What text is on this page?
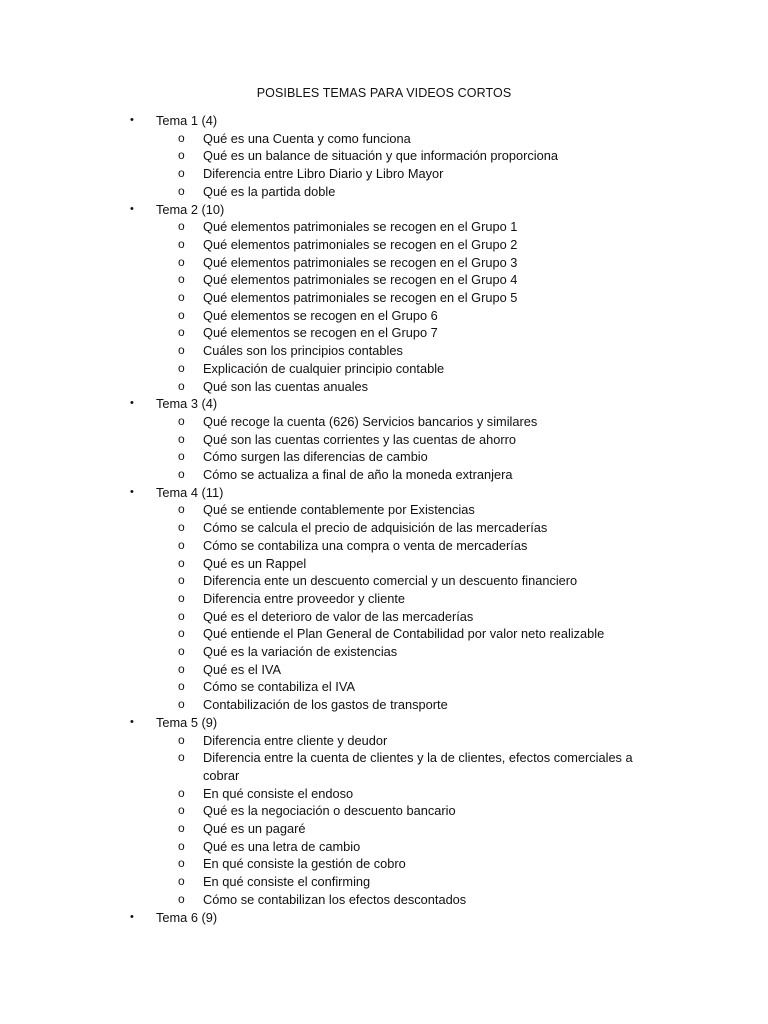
POSIBLES TEMAS PARA VIDEOS CORTOS
• Tema 1 (4)
o Qué es una Cuenta y como funciona
o Qué es un balance de situación y que información proporciona
o Diferencia entre Libro Diario y Libro Mayor
o Qué es la partida doble
• Tema 2 (10)
o Qué elementos patrimoniales se recogen en el Grupo 1
o Qué elementos patrimoniales se recogen en el Grupo 2
o Qué elementos patrimoniales se recogen en el Grupo 3
o Qué elementos patrimoniales se recogen en el Grupo 4
o Qué elementos patrimoniales se recogen en el Grupo 5
o Qué elementos se recogen en el Grupo 6
o Qué elementos se recogen en el Grupo 7
o Cuáles son los principios contables
o Explicación de cualquier principio contable
o Qué son las cuentas anuales
• Tema 3 (4)
o Qué recoge la cuenta (626) Servicios bancarios y similares
o Qué son las cuentas corrientes y las cuentas de ahorro
o Cómo surgen las diferencias de cambio
o Cómo se actualiza a final de año la moneda extranjera
• Tema 4 (11)
o Qué se entiende contablemente por Existencias
o Cómo se calcula el precio de adquisición de las mercaderías
o Cómo se contabiliza una compra o venta de mercaderías
o Qué es un Rappel
o Diferencia ente un descuento comercial y un descuento financiero
o Diferencia entre proveedor y cliente
o Qué es el deterioro de valor de las mercaderías
o Qué entiende el Plan General de Contabilidad por valor neto realizable
o Qué es la variación de existencias
o Qué es el IVA
o Cómo se contabiliza el IVA
o Contabilización de los gastos de transporte
• Tema 5 (9)
o Diferencia entre cliente y deudor
o Diferencia entre la cuenta de clientes y la de clientes, efectos comerciales a cobrar
o En qué consiste el endoso
o Qué es la negociación o descuento bancario
o Qué es un pagaré
o Qué es una letra de cambio
o En qué consiste la gestión de cobro
o En qué consiste el confirming
o Cómo se contabilizan los efectos descontados
• Tema 6 (9)
